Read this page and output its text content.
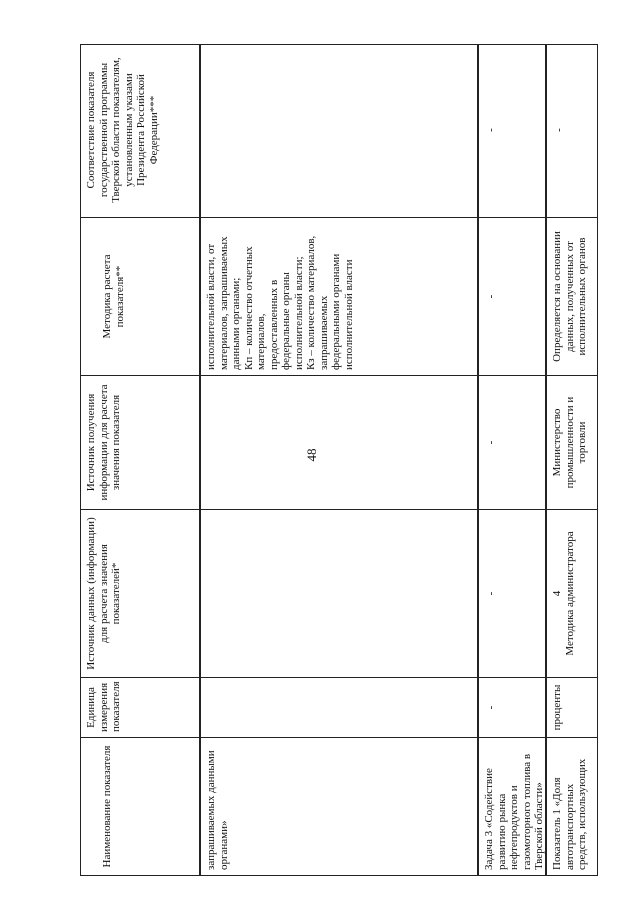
48
Наименование показателя
Единица измерения показателя
Источник данных (информации) для расчета значения показателей*
Источник получения информации для расчета значения показателя
Методика расчета показателя**
Соответствие показателя государственной программы Тверской области показателям, установленным указами Президента Российской Федерации***
запрашиваемых данными органами»
исполнительной власти, от материалов, запрашиваемых данными органами; Кп – количество отчетных материалов, предоставленных в федеральные органы исполнительной власти; Кз – количество материалов, запрашиваемых федеральными органами исполнительной власти
Задача 3 «Содействие развитию рынка нефтепродуктов и газомоторного топлива в Тверской области»
-
-
-
-
-
Показатель 1 «Доля автотранспортных средств, использующих
проценты
4 Методика администратора
Министерство промышленности и торговли
Определяется на основании данных, полученных от исполнительных органов
-
